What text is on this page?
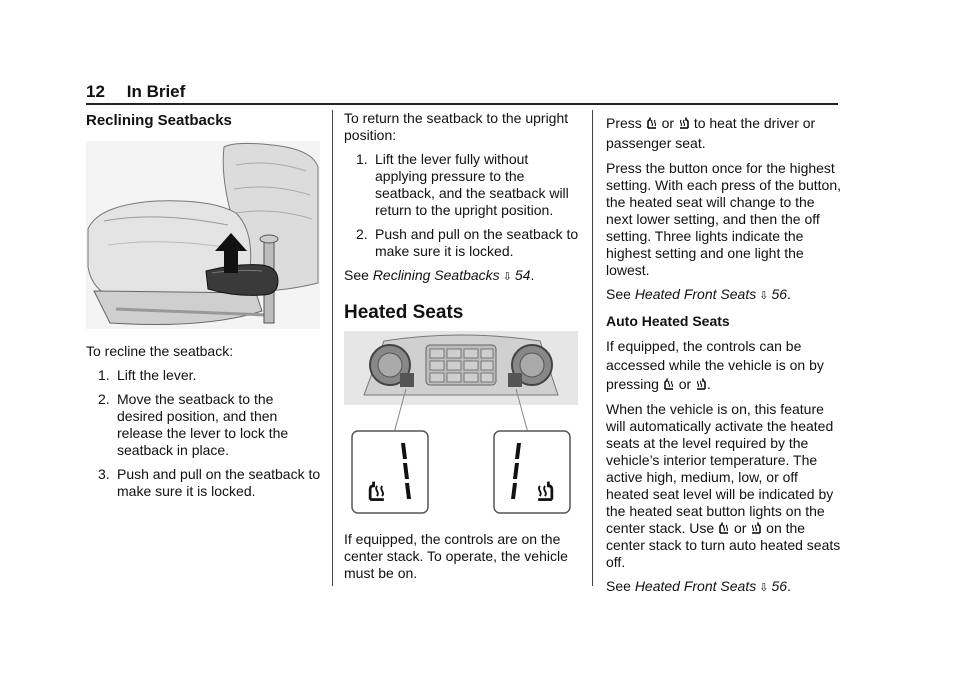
12 In Brief
Reclining Seatbacks

To recline the seatback:

1. Lift the lever.
2. Move the seatback to the desired position, and then release the lever to lock the seatback in place.
3. Push and pull on the seatback to make sure it is locked.

To return the seatback to the upright position:

1. Lift the lever fully without applying pressure to the seatback, and the seatback will return to the upright position.
2. Push and pull on the seatback to make sure it is locked.

See Reclining Seatbacks ⇩ 54.

Heated Seats

If equipped, the controls are on the center stack. To operate, the vehicle must be on.

Press or to heat the driver or passenger seat.

Press the button once for the highest setting. With each press of the button, the heated seat will change to the next lower setting, and then the off setting. Three lights indicate the highest setting and one light the lowest.

See Heated Front Seats ⇩ 56.

Auto Heated Seats

If equipped, the controls can be accessed while the vehicle is on by pressing or .

When the vehicle is on, this feature will automatically activate the heated seats at the level required by the vehicle’s interior temperature. The active high, medium, low, or off heated seat level will be indicated by the heated seat button lights on the center stack. Use or on the center stack to turn auto heated seats off.

See Heated Front Seats ⇩ 56.
